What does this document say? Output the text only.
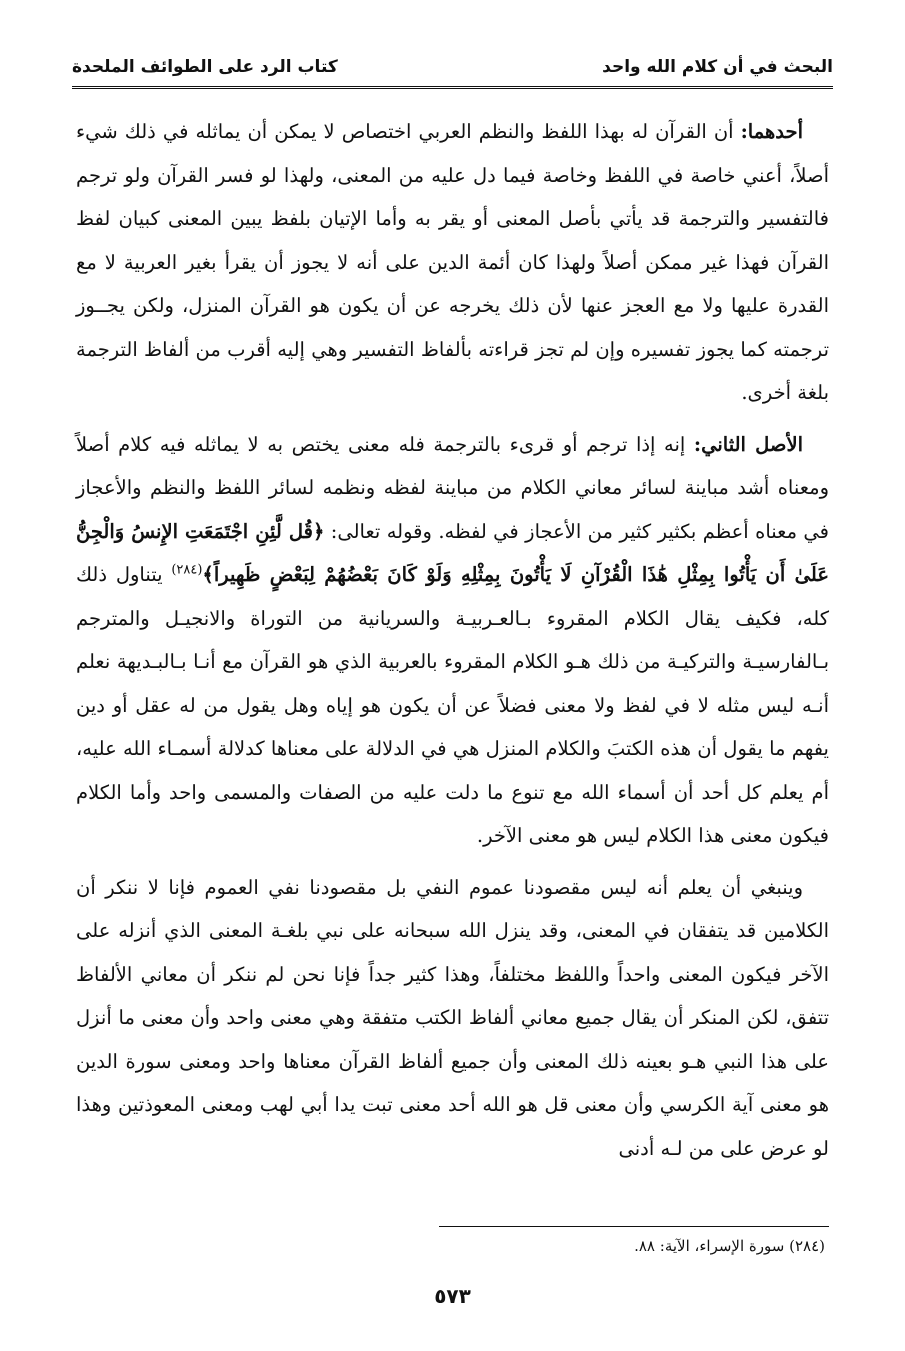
البحث في أن كلام الله واحد
كتاب الرد على الطوائف الملحدة

أحدهما: أن القرآن له بهذا اللفظ والنظم العربي اختصاص لا يمكن أن يماثله في ذلك شيء أصلاً، أعني خاصة في اللفظ وخاصة فيما دل عليه من المعنى، ولهذا لو فسر القرآن ولو ترجم فالتفسير والترجمة قد يأتي بأصل المعنى أو يقر به وأما الإتيان بلفظ يبين المعنى كبيان لفظ القرآن فهذا غير ممكن أصلاً ولهذا كان أئمة الدين على أنه لا يجوز أن يقرأ بغير العربية لا مع القدرة عليها ولا مع العجز عنها لأن ذلك يخرجه عن أن يكون هو القرآن المنزل، ولكن يجــوز ترجمته كما يجوز تفسيره وإن لم تجز قراءته بألفاظ التفسير وهي إليه أقرب من ألفاظ الترجمة بلغة أخرى.

الأصل الثاني: إنه إذا ترجم أو قرىء بالترجمة فله معنى يختص به لا يماثله فيه كلام أصلاً ومعناه أشد مباينة لسائر معاني الكلام من مباينة لفظه ونظمه لسائر اللفظ والنظم والأعجاز في معناه أعظم بكثير كثير من الأعجاز في لفظه. وقوله تعالى: ﴿قُل لَّئِنِ اجْتَمَعَتِ الإِنسُ وَالْجِنُّ عَلَىٰ أَن يَأْتُوا بِمِثْلِ هَٰذَا الْقُرْآنِ لَا يَأْتُونَ بِمِثْلِهِ وَلَوْ كَانَ بَعْضُهُمْ لِبَعْضٍ ظَهِيراً﴾$^{(٢٨٤)}$ يتناول ذلك كله، فكيف يقال الكلام المقروء بـالعـربيـة والسريانية من التوراة والانجيـل والمترجم بـالفارسيـة والتركيـة من ذلك هـو الكلام المقروء بالعربية الذي هو القرآن مع أنـا بـالبـديهة نعلم أنـه ليس مثله لا في لفظ ولا معنى فضلاً عن أن يكون هو إياه وهل يقول من له عقل أو دين يفهم ما يقول أن هذه الكتبَ والكلام المنزل هي في الدلالة على معناها كدلالة أسمـاء الله عليه، أم يعلم كل أحد أن أسماء الله مع تنوع ما دلت عليه من الصفات والمسمى واحد وأما الكلام فيكون معنى هذا الكلام ليس هو معنى الآخر.

وينبغي أن يعلم أنه ليس مقصودنا عموم النفي بل مقصودنا نفي العموم فإنا لا ننكر أن الكلامين قد يتفقان في المعنى، وقد ينزل الله سبحانه على نبي بلغـة المعنى الذي أنزله على الآخر فيكون المعنى واحداً واللفظ مختلفاً، وهذا كثير جداً فإنا نحن لم ننكر أن معاني الألفاظ تتفق، لكن المنكر أن يقال جميع معاني ألفاظ الكتب متفقة وهي معنى واحد وأن معنى ما أنزل على هذا النبي هـو بعينه ذلك المعنى وأن جميع ألفاظ القرآن معناها واحد ومعنى سورة الدين هو معنى آية الكرسي وأن معنى قل هو الله أحد معنى تبت يدا أبي لهب ومعنى المعوذتين وهذا لو عرض على من لـه أدنى

(٢٨٤) سورة الإسراء، الآية: ٨٨.
٥٧٣
